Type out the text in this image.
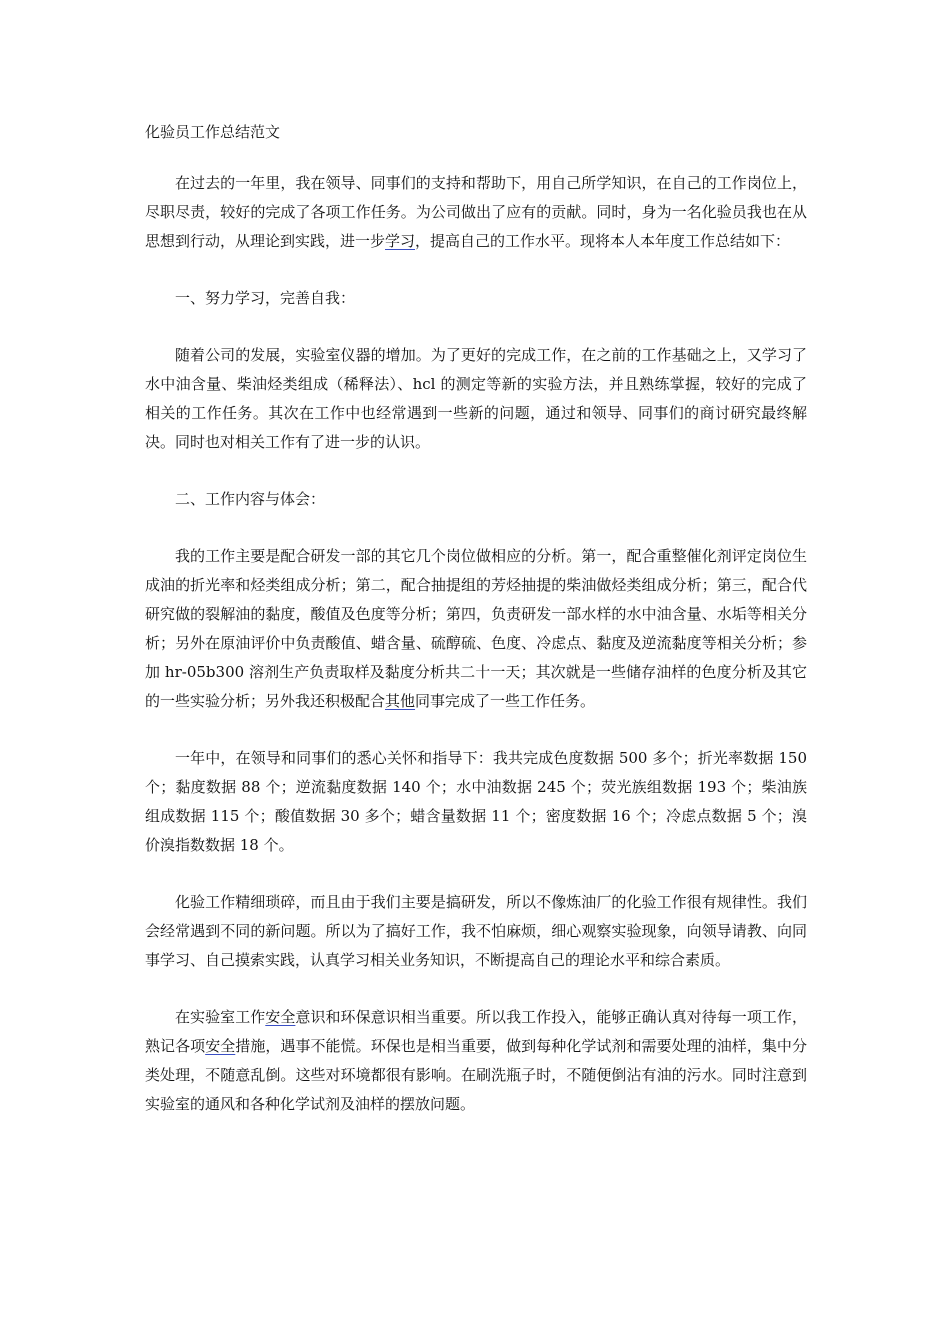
化验员工作总结范文

在过去的一年里，我在领导、同事们的支持和帮助下，用自己所学知识，在自己的工作岗位上，尽职尽责，较好的完成了各项工作任务。为公司做出了应有的贡献。同时，身为一名化验员我也在从思想到行动，从理论到实践，进一步学习，提高自己的工作水平。现将本人本年度工作总结如下：

一、努力学习，完善自我：

随着公司的发展，实验室仪器的增加。为了更好的完成工作，在之前的工作基础之上，又学习了水中油含量、柴油烃类组成（稀释法）、hcl 的测定等新的实验方法，并且熟练掌握，较好的完成了相关的工作任务。其次在工作中也经常遇到一些新的问题，通过和领导、同事们的商讨研究最终解决。同时也对相关工作有了进一步的认识。

二、工作内容与体会：

我的工作主要是配合研发一部的其它几个岗位做相应的分析。第一，配合重整催化剂评定岗位生成油的折光率和烃类组成分析；第二，配合抽提组的芳烃抽提的柴油做烃类组成分析；第三，配合代研究做的裂解油的黏度，酸值及色度等分析；第四，负责研发一部水样的水中油含量、水垢等相关分析；另外在原油评价中负责酸值、蜡含量、硫醇硫、色度、冷虑点、黏度及逆流黏度等相关分析；参加 hr-05b300 溶剂生产负责取样及黏度分析共二十一天；其次就是一些储存油样的色度分析及其它的一些实验分析；另外我还积极配合其他同事完成了一些工作任务。

一年中，在领导和同事们的悉心关怀和指导下：我共完成色度数据 500 多个；折光率数据 150 个；黏度数据 88 个；逆流黏度数据 140 个；水中油数据 245 个；荧光族组数据 193 个；柴油族组成数据 115 个；酸值数据 30 多个；蜡含量数据 11 个；密度数据 16 个；冷虑点数据 5 个；溴价溴指数数据 18 个。

化验工作精细琐碎，而且由于我们主要是搞研发，所以不像炼油厂的化验工作很有规律性。我们会经常遇到不同的新问题。所以为了搞好工作，我不怕麻烦，细心观察实验现象，向领导请教、向同事学习、自己摸索实践，认真学习相关业务知识，不断提高自己的理论水平和综合素质。

在实验室工作安全意识和环保意识相当重要。所以我工作投入，能够正确认真对待每一项工作，熟记各项安全措施，遇事不能慌。环保也是相当重要，做到每种化学试剂和需要处理的油样，集中分类处理，不随意乱倒。这些对环境都很有影响。在刷洗瓶子时，不随便倒沾有油的污水。同时注意到实验室的通风和各种化学试剂及油样的摆放问题。
